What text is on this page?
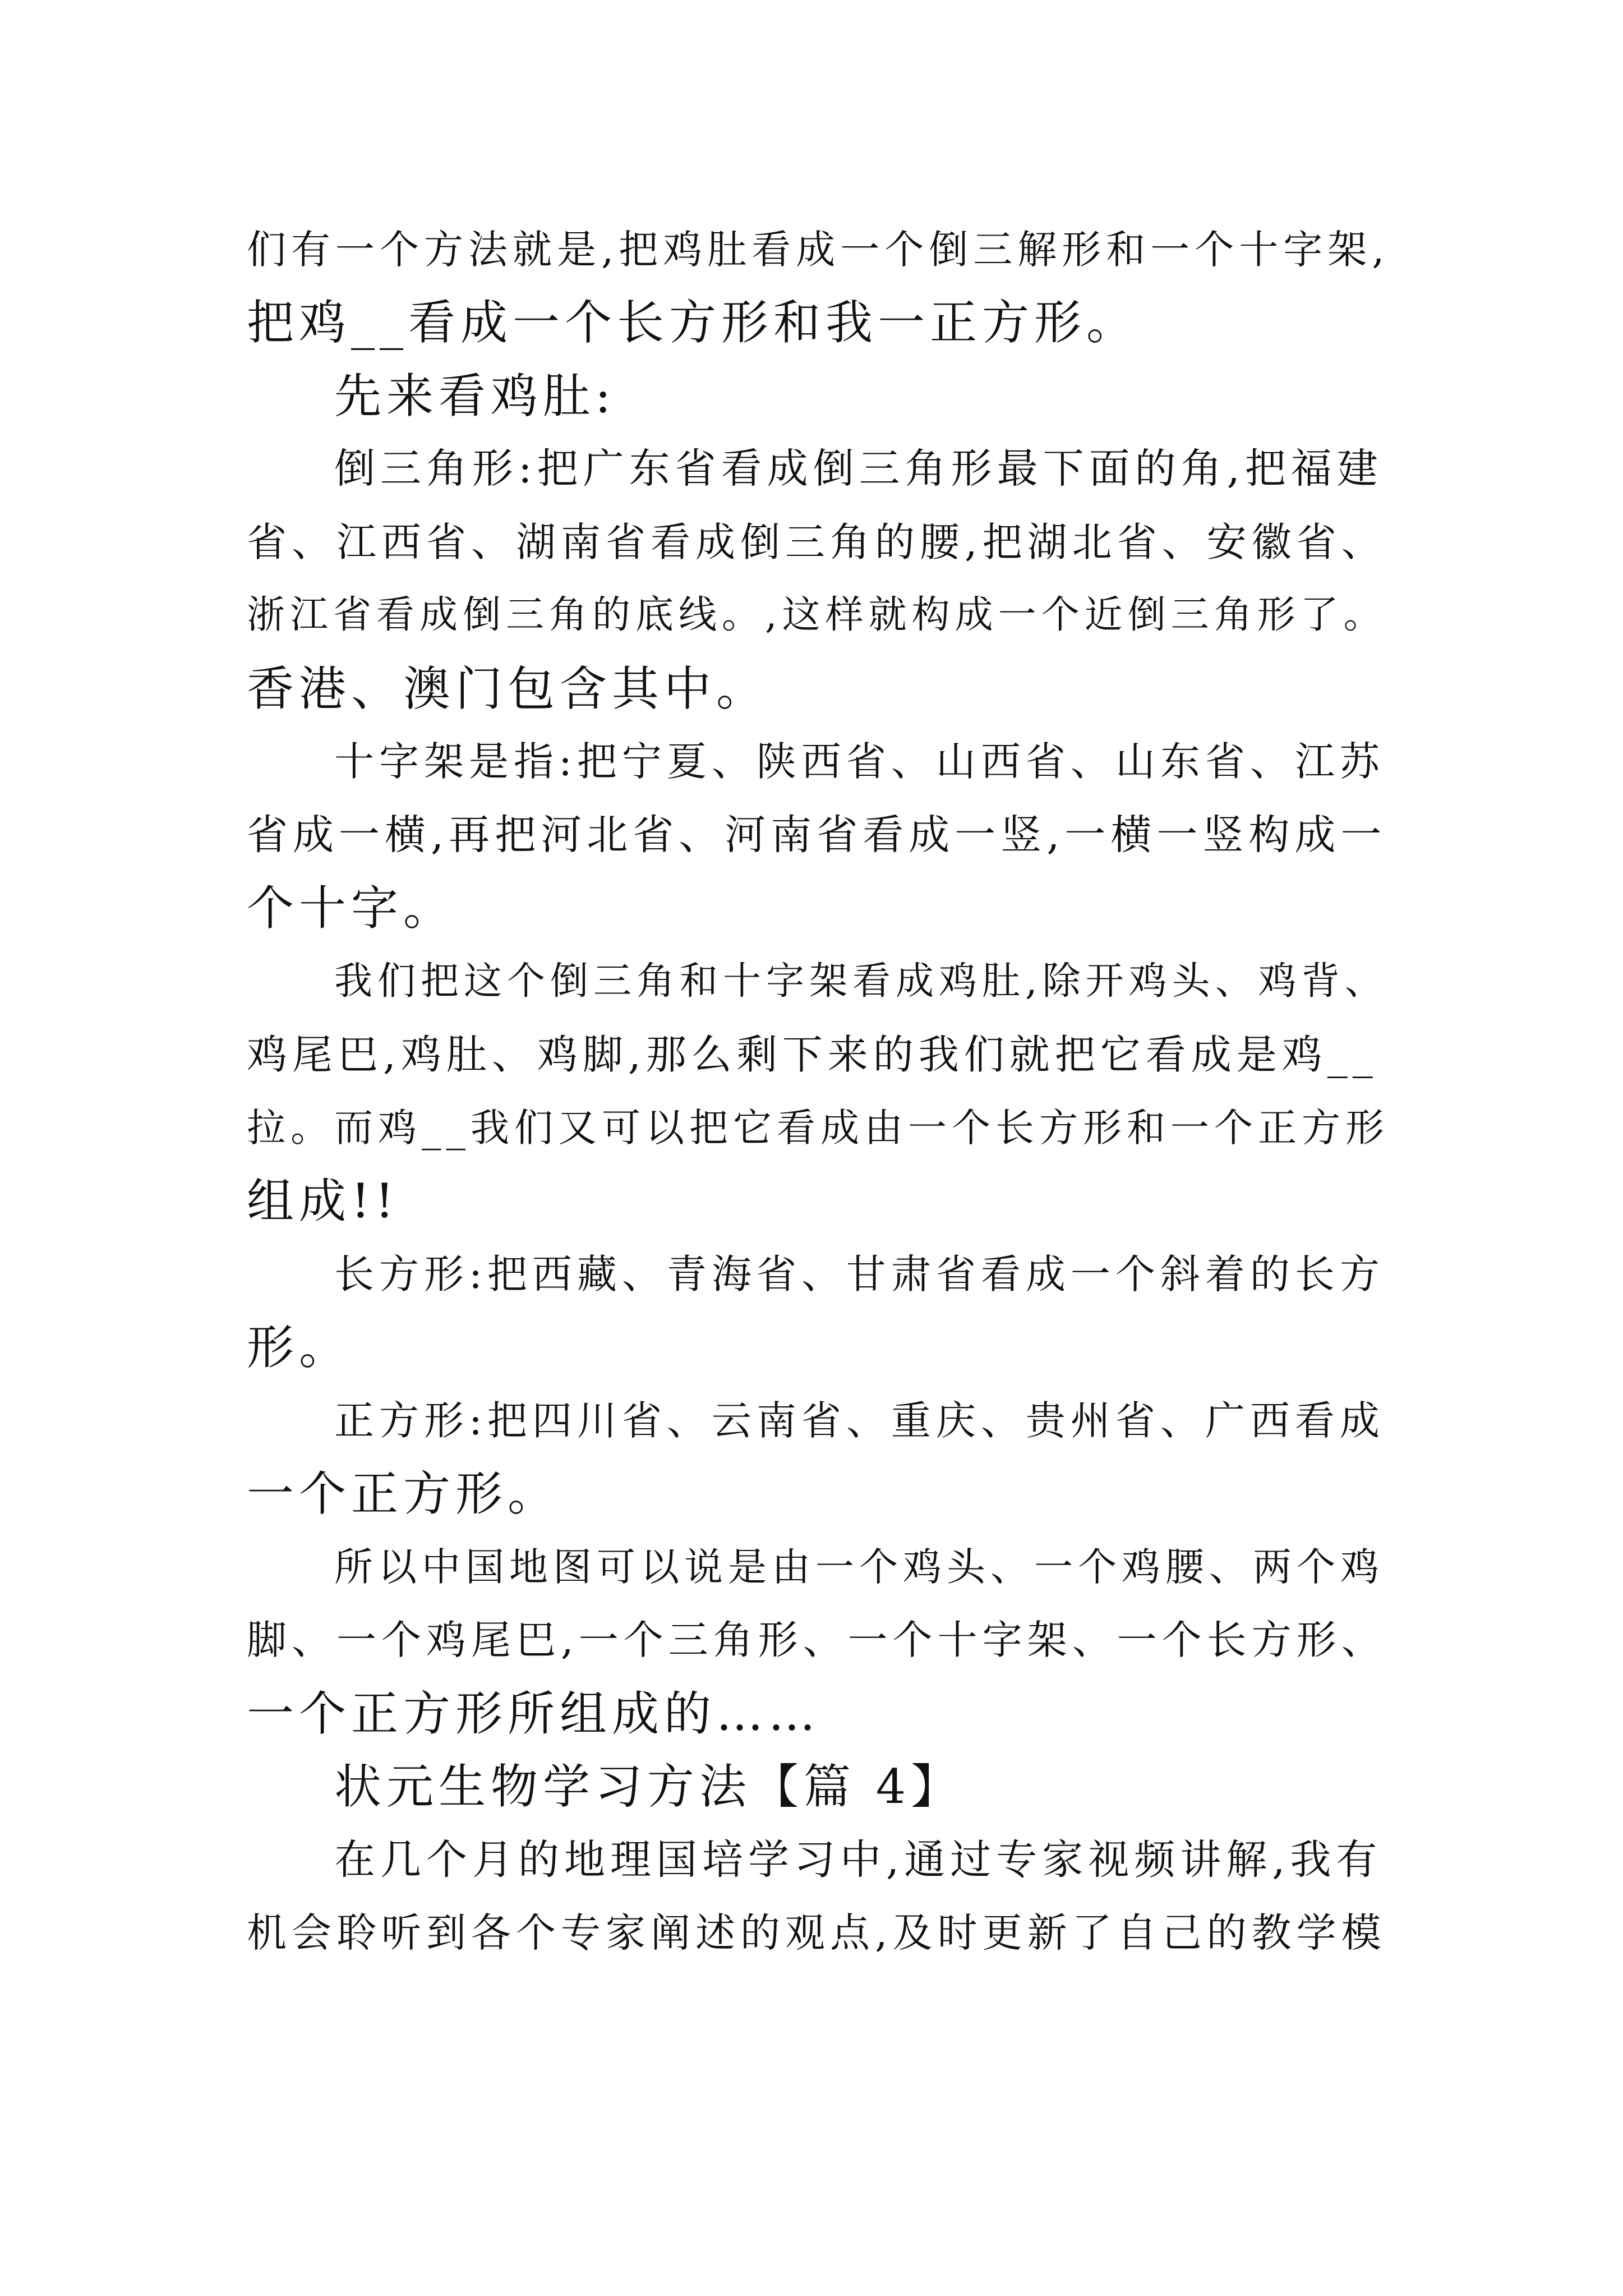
们有一个方法就是,把鸡肚看成一个倒三解形和一个十字架,
把鸡__看成一个长方形和我一正方形。
先来看鸡肚:
倒三角形:把广东省看成倒三角形最下面的角,把福建
省、江西省、湖南省看成倒三角的腰,把湖北省、安徽省、
浙江省看成倒三角的底线。,这样就构成一个近倒三角形了。
香港、澳门包含其中。
十字架是指:把宁夏、陕西省、山西省、山东省、江苏
省成一横,再把河北省、河南省看成一竖,一横一竖构成一
个十字。
我们把这个倒三角和十字架看成鸡肚,除开鸡头、鸡背、
鸡尾巴,鸡肚、鸡脚,那么剩下来的我们就把它看成是鸡__
拉。而鸡__我们又可以把它看成由一个长方形和一个正方形
组成!!
长方形:把西藏、青海省、甘肃省看成一个斜着的长方
形。
正方形:把四川省、云南省、重庆、贵州省、广西看成
一个正方形。
所以中国地图可以说是由一个鸡头、一个鸡腰、两个鸡
脚、一个鸡尾巴,一个三角形、一个十字架、一个长方形、
一个正方形所组成的……
状元生物学习方法【篇 4】
在几个月的地理国培学习中,通过专家视频讲解,我有
机会聆听到各个专家阐述的观点,及时更新了自己的教学模
